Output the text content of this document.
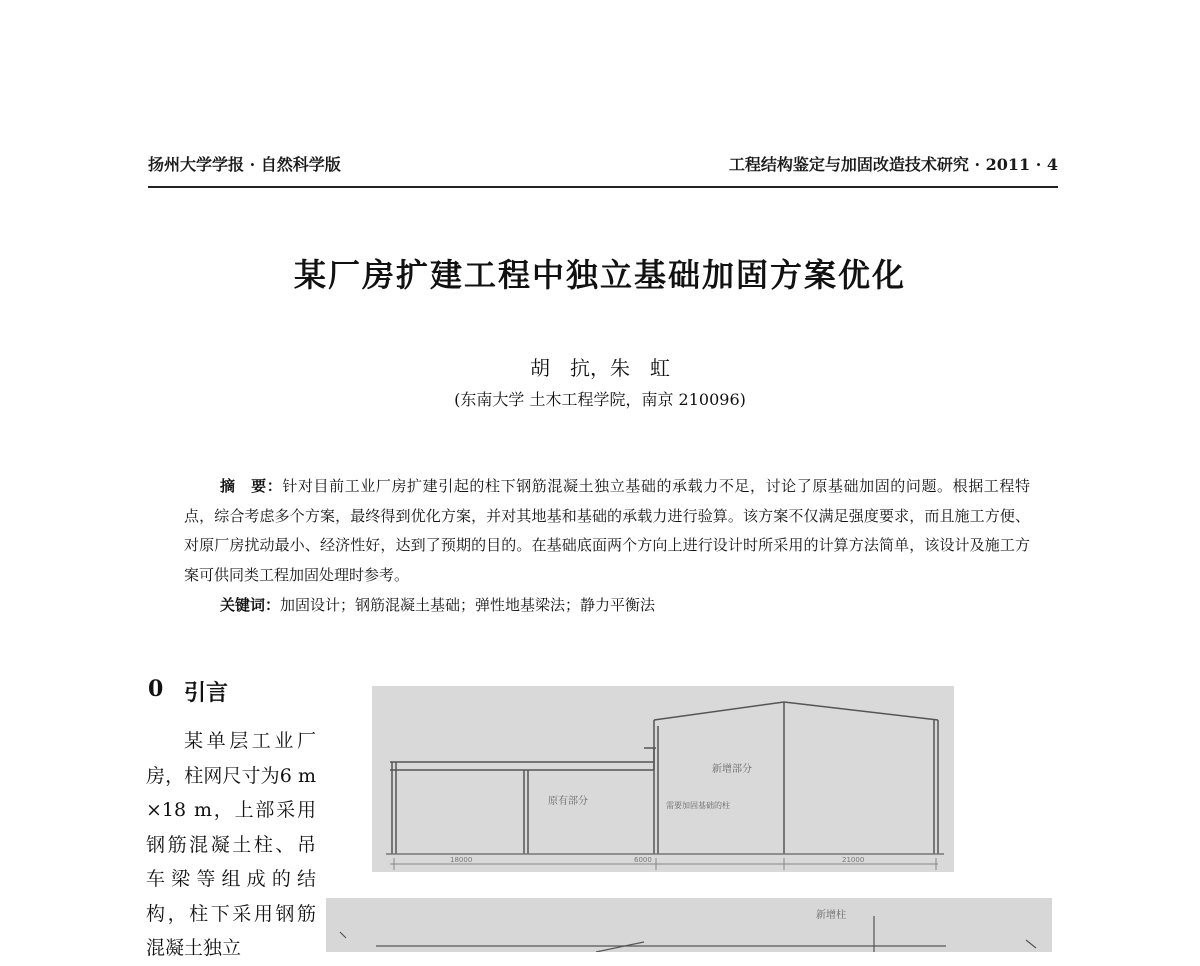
扬州大学学报 · 自然科学版	工程结构鉴定与加固改造技术研究 · 2011 · 4
某厂房扩建工程中独立基础加固方案优化
胡　抗，朱　虹
(东南大学 土木工程学院，南京 210096)
摘　要：针对目前工业厂房扩建引起的柱下钢筋混凝土独立基础的承载力不足，讨论了原基础加固的问题。根据工程特点，综合考虑多个方案，最终得到优化方案，并对其地基和基础的承载力进行验算。该方案不仅满足强度要求，而且施工方便、对原厂房扰动最小、经济性好，达到了预期的目的。在基础底面两个方向上进行设计时所采用的计算方法简单，该设计及施工方案可供同类工程加固处理时参考。
关键词：加固设计；钢筋混凝土基础；弹性地基梁法；静力平衡法
0 引言
某单层工业厂房，柱网尺寸为6 m×18 m，上部采用钢筋混凝土柱、吊车梁等组成的结构，柱下采用钢筋混凝土独立
原有部分
新增部分
需要加固基础的柱
18000	6000	21000
新增柱
